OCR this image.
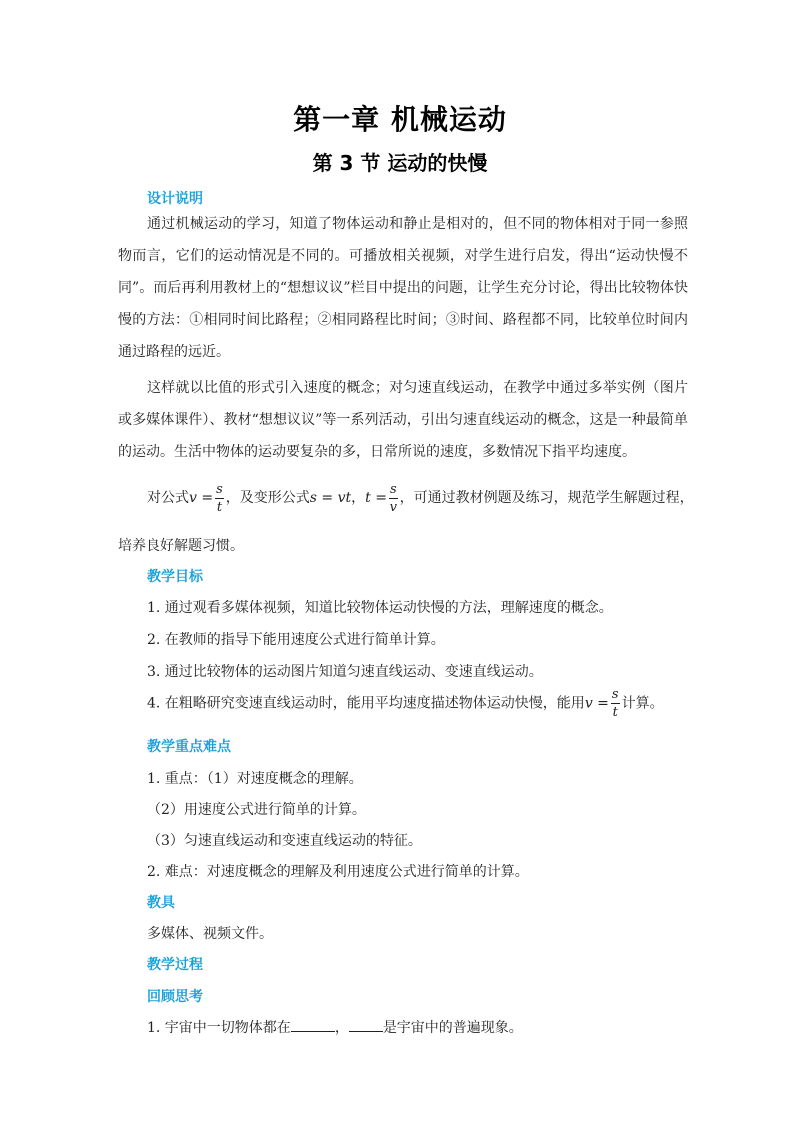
第一章 机械运动
第 3 节 运动的快慢
设计说明
通过机械运动的学习，知道了物体运动和静止是相对的，但不同的物体相对于同一参照物而言，它们的运动情况是不同的。可播放相关视频，对学生进行启发，得出“运动快慢不同”。而后再利用教材上的“想想议议”栏目中提出的问题，让学生充分讨论，得出比较物体快慢的方法：①相同时间比路程；②相同路程比时间；③时间、路程都不同，比较单位时间内通过路程的远近。
这样就以比值的形式引入速度的概念；对匀速直线运动，在教学中通过多举实例（图片或多媒体课件）、教材“想想议议”等一系列活动，引出匀速直线运动的概念，这是一种最简单的运动。生活中物体的运动要复杂的多，日常所说的速度，多数情况下指平均速度。
对公式$v = \frac{s}{t}$ ，及变形公式s = vt，$t = \frac{s}{v}$ ，可通过教材例题及练习，规范学生解题过程，
培养良好解题习惯。
教学目标
1. 通过观看多媒体视频，知道比较物体运动快慢的方法，理解速度的概念。
2. 在教师的指导下能用速度公式进行简单计算。
3. 通过比较物体的运动图片知道匀速直线运动、变速直线运动。
4. 在粗略研究变速直线运动时，能用平均速度描述物体运动快慢，能用$v = \frac{s}{t}$ 计算。
教学重点难点
1. 重点：（1）对速度概念的理解。
（2）用速度公式进行简单的计算。
（3）匀速直线运动和变速直线运动的特征。
2. 难点：对速度概念的理解及利用速度公式进行简单的计算。
教具
多媒体、视频文件。
教学过程
回顾思考
1. 宇宙中一切物体都在	， 是宇宙中的普遍现象。
